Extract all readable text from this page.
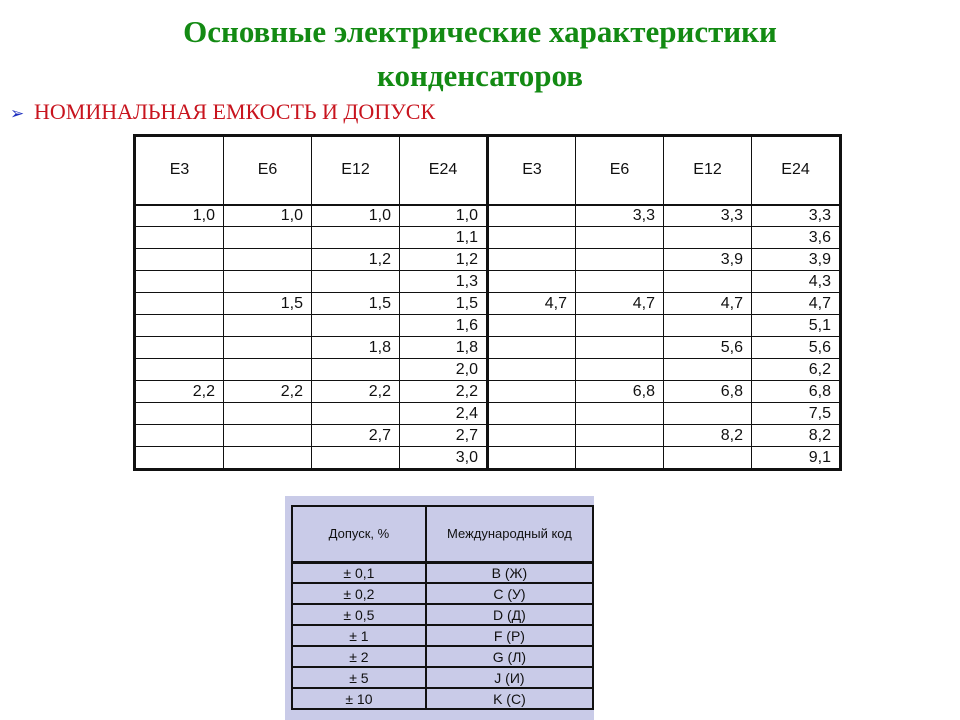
Основные электрические характеристики
конденсаторов
➢ НОМИНАЛЬНАЯ ЕМКОСТЬ И ДОПУСК
E3	E6	E12	E24	E3	E6	E12	E24
1,0	1,0	1,0	1,0		3,3	3,3	3,3
			1,1				3,6
		1,2	1,2			3,9	3,9
			1,3				4,3
	1,5	1,5	1,5	4,7	4,7	4,7	4,7
			1,6				5,1
		1,8	1,8			5,6	5,6
			2,0				6,2
2,2	2,2	2,2	2,2		6,8	6,8	6,8
			2,4				7,5
		2,7	2,7			8,2	8,2
			3,0				9,1
Допуск, %	Международный код
± 0,1	B (Ж)
± 0,2	C (У)
± 0,5	D (Д)
± 1	F (Р)
± 2	G (Л)
± 5	J (И)
± 10	K (C)
